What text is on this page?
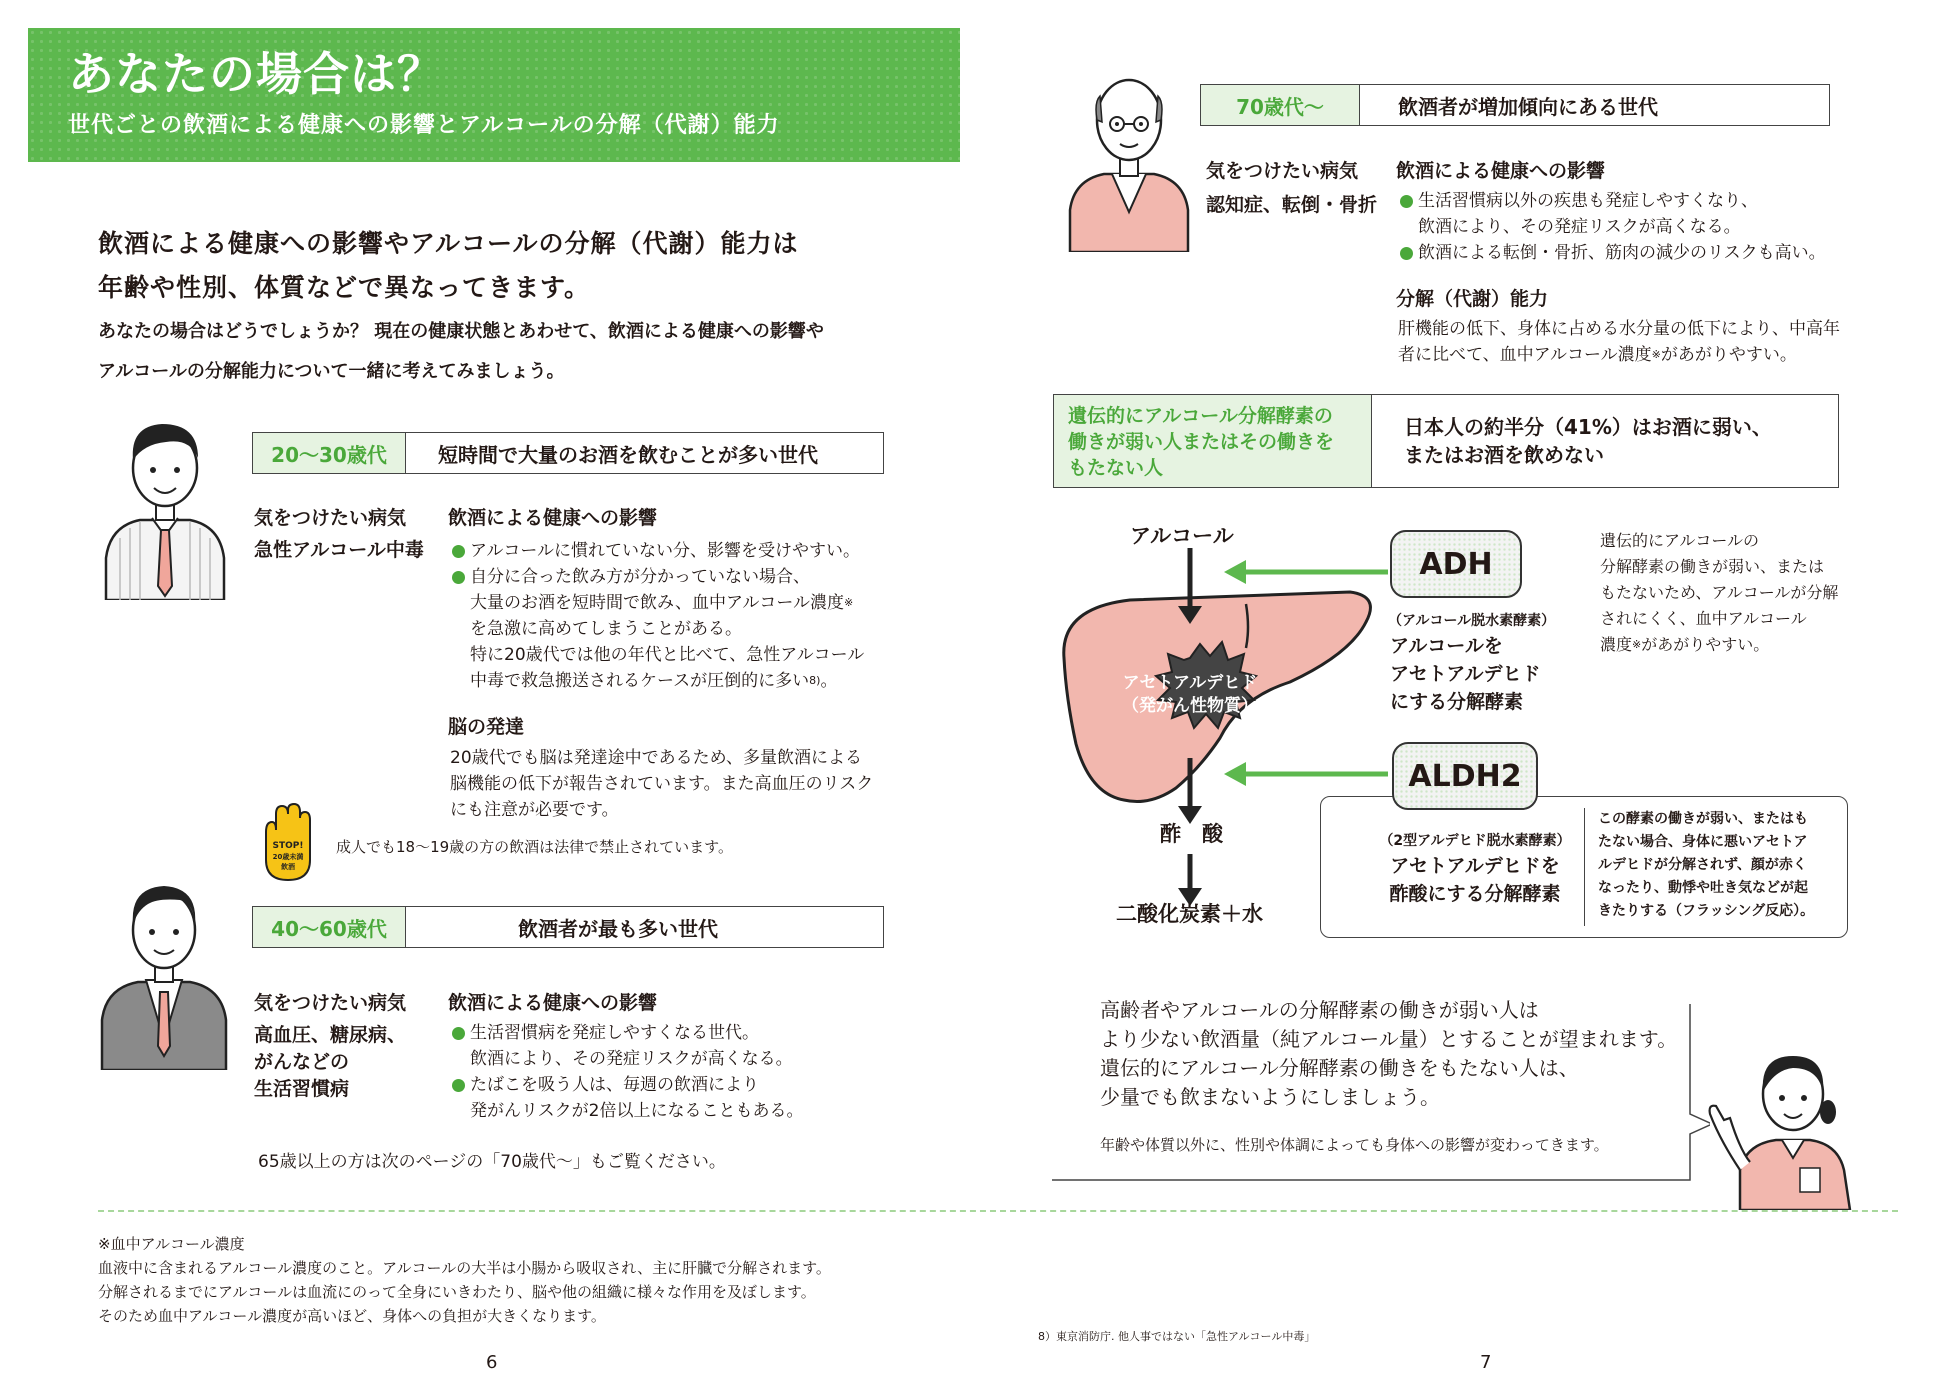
あなたの場合は？
世代ごとの飲酒による健康への影響とアルコールの分解（代謝）能力
飲酒による健康への影響やアルコールの分解（代謝）能力は
年齢や性別、体質などで異なってきます。
あなたの場合はどうでしょうか？ 現在の健康状態とあわせて、飲酒による健康への影響や
アルコールの分解能力について一緒に考えてみましょう。
20〜30歳代	短時間で大量のお酒を飲むことが多い世代
気をつけたい病気
急性アルコール中毒
飲酒による健康への影響
アルコールに慣れていない分、影響を受けやすい。
自分に合った飲み方が分かっていない場合、
大量のお酒を短時間で飲み、血中アルコール濃度※
を急激に高めてしまうことがある。
特に20歳代では他の年代と比べて、急性アルコール
中毒で救急搬送されるケースが圧倒的に多い$^{8)}$。
脳の発達
20歳代でも脳は発達途中であるため、多量飲酒による
脳機能の低下が報告されています。また高血圧のリスク
にも注意が必要です。
STOP!
20歳未満
飲酒
成人でも18〜19歳の方の飲酒は法律で禁止されています。
40〜60歳代	飲酒者が最も多い世代
気をつけたい病気
高血圧、糖尿病、
がんなどの
生活習慣病
飲酒による健康への影響
生活習慣病を発症しやすくなる世代。
飲酒により、その発症リスクが高くなる。
たばこを吸う人は、毎週の飲酒により
発がんリスクが2倍以上になることもある。
65歳以上の方は次のページの「70歳代〜」もご覧ください。
70歳代〜	飲酒者が増加傾向にある世代
気をつけたい病気
認知症、転倒・骨折
飲酒による健康への影響
生活習慣病以外の疾患も発症しやすくなり、
飲酒により、その発症リスクが高くなる。
飲酒による転倒・骨折、筋肉の減少のリスクも高い。
分解（代謝）能力
肝機能の低下、身体に占める水分量の低下により、中高年
者に比べて、血中アルコール濃度※があがりやすい。
遺伝的にアルコール分解酵素の
働きが弱い人またはその働きを
もたない人
日本人の約半分（41%）はお酒に弱い、
またはお酒を飲めない
アルコール
アセトアルデヒド
（発がん性物質）
酢　酸
二酸化炭素＋水
ADH
（アルコール脱水素酵素）
アルコールを
アセトアルデヒド
にする分解酵素
遺伝的にアルコールの
分解酵素の働きが弱い、または
もたないため、アルコールが分解
されにくく、血中アルコール
濃度※があがりやすい。
ALDH2
（2型アルデヒド脱水素酵素）
アセトアルデヒドを
酢酸にする分解酵素
この酵素の働きが弱い、またはも
たない場合、身体に悪いアセトア
ルデヒドが分解されず、顔が赤く
なったり、動悸や吐き気などが起
きたりする（フラッシング反応）。
高齢者やアルコールの分解酵素の働きが弱い人は
より少ない飲酒量（純アルコール量）とすることが望まれます。
遺伝的にアルコール分解酵素の働きをもたない人は、
少量でも飲まないようにしましょう。
年齢や体質以外に、性別や体調によっても身体への影響が変わってきます。
※血中アルコール濃度
血液中に含まれるアルコール濃度のこと。アルコールの大半は小腸から吸収され、主に肝臓で分解されます。
分解されるまでにアルコールは血流にのって全身にいきわたり、脳や他の組織に様々な作用を及ぼします。
そのため血中アルコール濃度が高いほど、身体への負担が大きくなります。
8）東京消防庁. 他人事ではない「急性アルコール中毒」
6	7
